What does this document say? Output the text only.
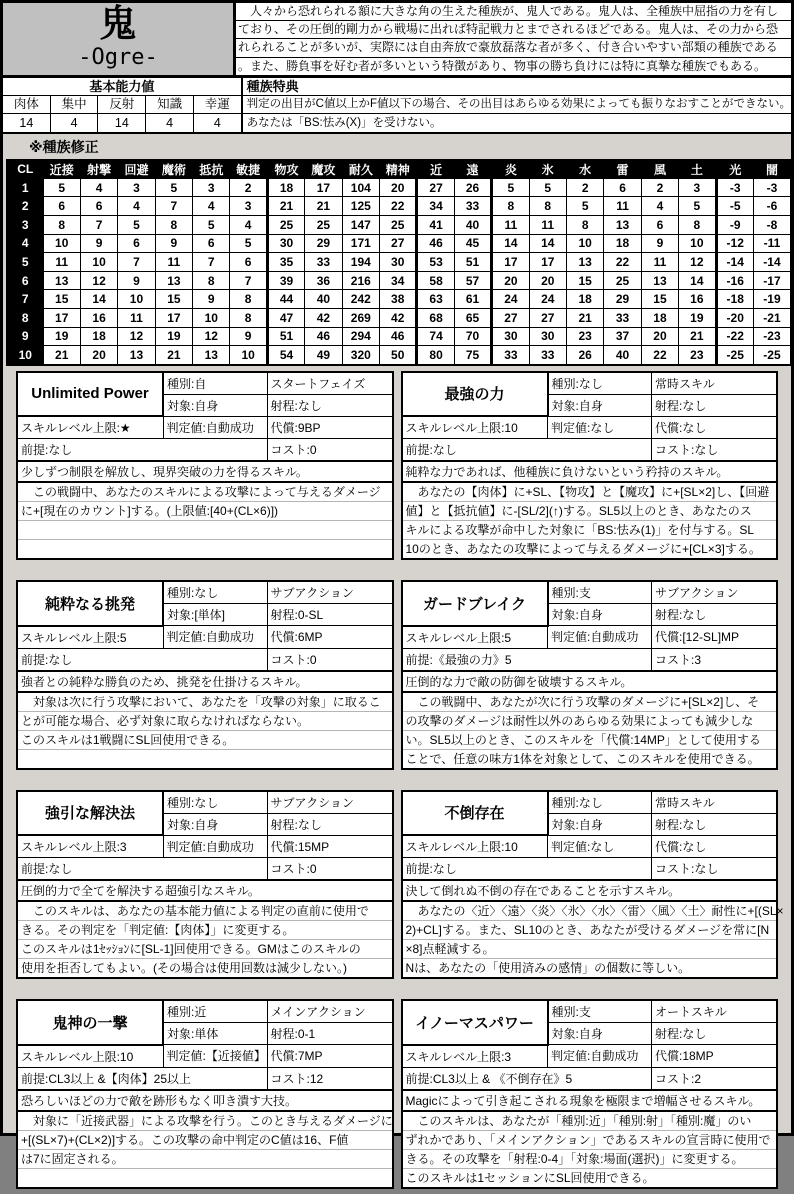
鬼
-Ogre-
　人々から恐れられる額に大きな角の生えた種族が、鬼人である。鬼人は、全種族中屈指の力を有し
ており、その圧倒的剛力から戦場に出れば特記戦力とまでされるほどである。鬼人は、その力から恐
れられることが多いが、実際には自由奔放で豪放磊落な者が多く、付き合いやすい部類の種族である
。また、勝負事を好む者が多いという特徴があり、物事の勝ち負けには特に真摯な種族でもある。
基本能力値
肉体	集中	反射	知識	幸運
14	4	14	4	4
種族特典
判定の出目がC値以上かF値以下の場合、その出目はあらゆる効果によっても振りなおすことができない。
あなたは「BS:怯み(X)」を受けない。
※種族修正
CL	近接	射撃	回避	魔術	抵抗	敏捷	物攻	魔攻	耐久	精神	近	遠	炎	氷	水	雷	風	土	光	闇
1	5	4	3	5	3	2	18	17	104	20	27	26	5	5	2	6	2	3	-3	-3
2	6	6	4	7	4	3	21	21	125	22	34	33	8	8	5	11	4	5	-5	-6
3	8	7	5	8	5	4	25	25	147	25	41	40	11	11	8	13	6	8	-9	-8
4	10	9	6	9	6	5	30	29	171	27	46	45	14	14	10	18	9	10	-12	-11
5	11	10	7	11	7	6	35	33	194	30	53	51	17	17	13	22	11	12	-14	-14
6	13	12	9	13	8	7	39	36	216	34	58	57	20	20	15	25	13	14	-16	-17
7	15	14	10	15	9	8	44	40	242	38	63	61	24	24	18	29	15	16	-18	-19
8	17	16	11	17	10	8	47	42	269	42	68	65	27	27	21	33	18	19	-20	-21
9	19	18	12	19	12	9	51	46	294	46	74	70	30	30	23	37	20	21	-22	-23
10	21	20	13	21	13	10	54	49	320	50	80	75	33	33	26	40	22	23	-25	-25
Unlimited Power	種別:自	スタートフェイズ
	対象:自身	射程:なし
スキルレベル上限:★	判定値:自動成功	代償:9BP
前提:なし		コスト:0
少しずつ制限を解放し、現界突破の力を得るスキル。		

　この戦闘中、あなたのスキルによる攻撃によって与えるダメージ
に+[現在のカウント]する。(上限値:[40+(CL×6)])		
最強の力	種別:なし	常時スキル
	対象:自身	射程:なし
スキルレベル上限:10	判定値:なし	代償:なし
前提:なし		コスト:なし
純粋な力であれば、他種族に負けないという矜持のスキル。		

　あなたの【肉体】に+SL、【物攻】と【魔攻】に+[SL×2]し、【回避
値】と【抵抗値】に-[SL/2](↑)する。SL5以上のとき、あなたのス
キルによる攻撃が命中した対象に「BS:怯み(1)」を付与する。SL
10のとき、あなたの攻撃によって与えるダメージに+[CL×3]する。		
純粋なる挑発	種別:なし	サブアクション
	対象:[単体]	射程:0-SL
スキルレベル上限:5	判定値:自動成功	代償:6MP
前提:なし		コスト:0
強者との純粋な勝負のため、挑発を仕掛けるスキル。		

　対象は次に行う攻撃において、あなたを「攻撃の対象」に取るこ
とが可能な場合、必ず対象に取らなければならない。
このスキルは1戦闘にSL回使用できる。		
ガードブレイク	種別:支	サブアクション
	対象:自身	射程:なし
スキルレベル上限:5	判定値:自動成功	代償:[12-SL]MP
前提:《最強の力》5		コスト:3
圧倒的な力で敵の防御を破壊するスキル。		

　この戦闘中、あなたが次に行う攻撃のダメージに+[SL×2]し、そ
の攻撃のダメージは耐性以外のあらゆる効果によっても減少しな
い。SL5以上のとき、このスキルを「代償:14MP」として使用する
ことで、任意の味方1体を対象として、このスキルを使用できる。		
強引な解決法	種別:なし	サブアクション
	対象:自身	射程:なし
スキルレベル上限:3	判定値:自動成功	代償:15MP
前提:なし		コスト:0
圧倒的力で全てを解決する超強引なスキル。		

　このスキルは、あなたの基本能力値による判定の直前に使用で
きる。その判定を「判定値:【肉体】」に変更する。
このスキルは1ｾｯｼｮﾝに[SL-1]回使用できる。GMはこのスキルの
使用を拒否してもよい。(その場合は使用回数は減少しない。)		
不倒存在	種別:なし	常時スキル
	対象:自身	射程:なし
スキルレベル上限:10	判定値:なし	代償:なし
前提:なし		コスト:なし
決して倒れぬ不倒の存在であることを示すスキル。		

　あなたの〈近〉〈遠〉〈炎〉〈氷〉〈水〉〈雷〉〈風〉〈土〉耐性に+[(SL×
2)+CL]する。また、SL10のとき、あなたが受けるダメージを常に[N
×8]点軽減する。
Nは、あなたの「使用済みの感情」の個数に等しい。		
鬼神の一撃	種別:近	メインアクション
	対象:単体	射程:0-1
スキルレベル上限:10	判定値:【近接値】	代償:7MP
前提:CL3以上 &【肉体】25以上		コスト:12
恐ろしいほどの力で敵を跡形もなく叩き潰す大技。		

　対象に「近接武器」による攻撃を行う。このとき与えるダメージに
+[(SL×7)+(CL×2)]する。この攻撃の命中判定のC値は16、F値
は7に固定される。		
イノーマスパワー	種別:支	オートスキル
	対象:自身	射程:なし
スキルレベル上限:3	判定値:自動成功	代償:18MP
前提:CL3以上 & 《不倒存在》5		コスト:2
Magicによって引き起こされる現象を極限まで増幅させるスキル。		

　このスキルは、あなたが「種別:近」「種別:射」「種別:魔」のい
ずれかであり、「メインアクション」であるスキルの宣言時に使用で
きる。その攻撃を「射程:0-4」「対象:場面(選択)」に変更する。
このスキルは1セッションにSL回使用できる。		
